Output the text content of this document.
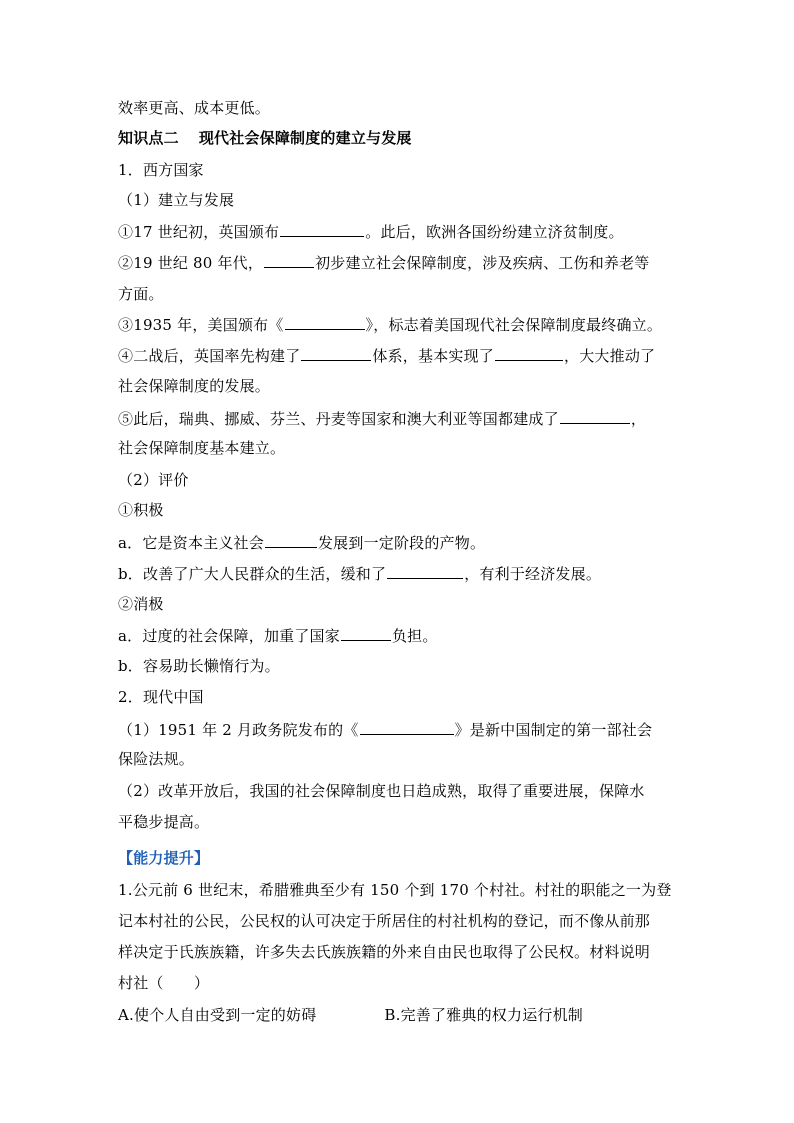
效率更高、成本更低。
知识点二 现代社会保障制度的建立与发展
1．西方国家
（1）建立与发展
①17 世纪初，英国颁布	。此后，欧洲各国纷纷建立济贫制度。
②19 世纪 80 年代，	初步建立社会保障制度，涉及疾病、工伤和养老等
方面。
③1935 年，美国颁布《	》，标志着美国现代社会保障制度最终确立。
④二战后，英国率先构建了	体系，基本实现了	，大大推动了
社会保障制度的发展。
⑤此后，瑞典、挪威、芬兰、丹麦等国家和澳大利亚等国都建成了	，
社会保障制度基本建立。
（2）评价
①积极
a．它是资本主义社会	发展到一定阶段的产物。
b．改善了广大人民群众的生活，缓和了	，有利于经济发展。
②消极
a．过度的社会保障，加重了国家	负担。
b．容易助长懒惰行为。
2．现代中国
（1）1951 年 2 月政务院发布的《	》是新中国制定的第一部社会
保险法规。
（2）改革开放后，我国的社会保障制度也日趋成熟，取得了重要进展，保障水
平稳步提高。
【能力提升】
1.公元前 6 世纪末，希腊雅典至少有 150 个到 170 个村社。村社的职能之一为登
记本村社的公民，公民权的认可决定于所居住的村社机构的登记，而不像从前那
样决定于氏族族籍，许多失去氏族族籍的外来自由民也取得了公民权。材料说明
村社（　　）
A.使个人自由受到一定的妨碍	B.完善了雅典的权力运行机制
